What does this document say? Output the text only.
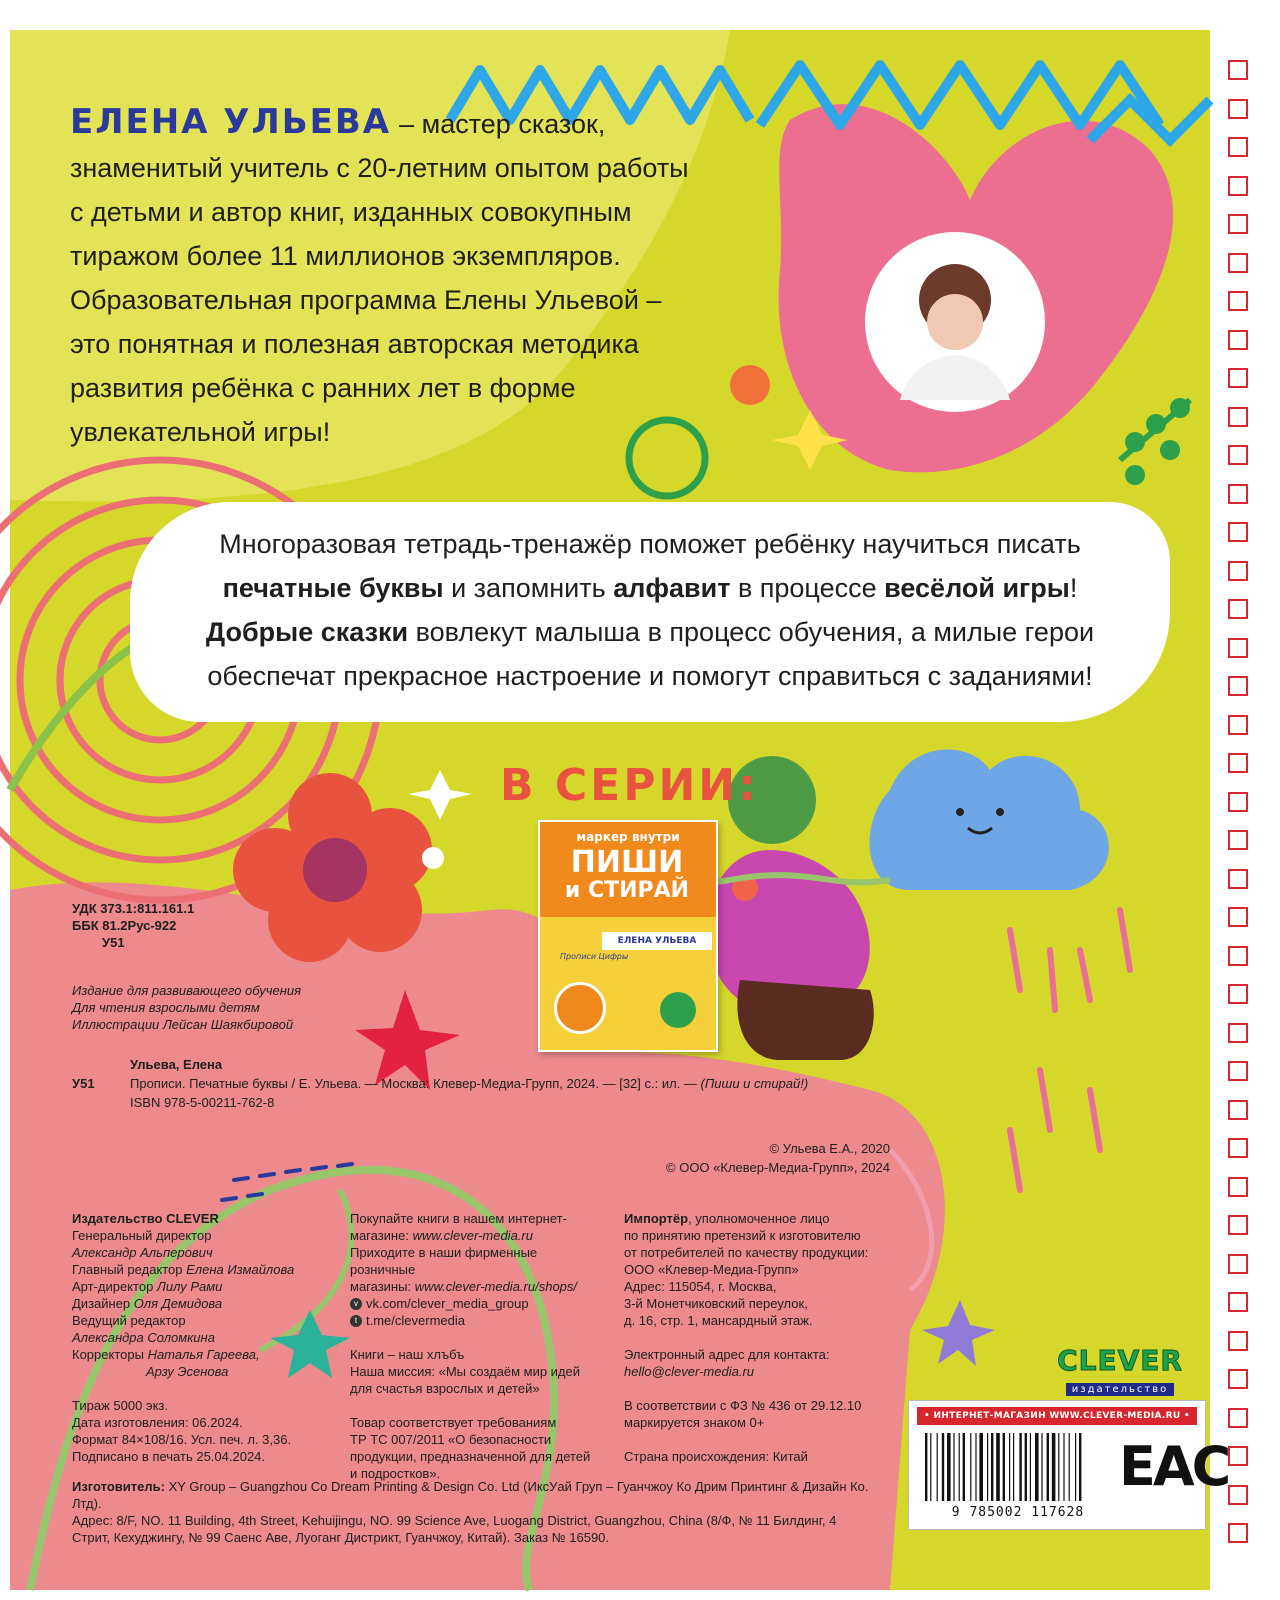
ЕЛЕНА УЛЬЕВА – мастер сказок,
знаменитый учитель с 20-летним опытом работы
с детьми и автор книг, изданных совокупным
тиражом более 11 миллионов экземпляров.
Образовательная программа Елены Ульевой –
это понятная и полезная авторская методика
развития ребёнка с ранних лет в форме
увлекательной игры!
Многоразовая тетрадь-тренажёр поможет ребёнку научиться писать
печатные буквы и запомнить алфавит в процессе весёлой игры!
Добрые сказки вовлекут малыша в процесс обучения, а милые герои
обеспечат прекрасное настроение и помогут справиться с заданиями!
В СЕРИИ:
маркер внутри
ПИШИ
и СТИРАЙ
ЕЛЕНА УЛЬЕВА
Прописи Цифры
УДК 373.1:811.161.1
ББК 81.2Рус-922
У51
Издание для развивающего обучения
Для чтения взрослыми детям
Иллюстрации Лейсан Шаякбировой
Ульева, Елена
У51	Прописи. Печатные буквы / Е. Ульева. — Москва: Клевер-Медиа-Групп, 2024. — [32] с.: ил. — (Пиши и стирай!)
ISBN 978-5-00211-762-8
© Ульева Е.А., 2020
© ООО «Клевер-Медиа-Групп», 2024
Издательство CLEVER
Генеральный директор
Александр Альперович
Главный редактор Елена Измайлова
Арт-директор Лилу Рами
Дизайнер Оля Демидова
Ведущий редактор
Александра Соломкина
Корректоры Наталья Гареева,
Арзу Эсенова
Тираж 5000 экз.
Дата изготовления: 06.2024.
Формат 84×108/16. Усл. печ. л. 3,36.
Подписано в печать 25.04.2024.
Покупайте книги в нашем интернет-
магазине: www.clever-media.ru
Приходите в наши фирменные розничные
магазины: www.clever-media.ru/shops/
v vk.com/clever_media_group
t t.me/clevermedia
Книги – наш хлъбъ
Наша миссия: «Мы создаём мир идей
для счастья взрослых и детей»
Товар соответствует требованиям
ТР ТС 007/2011 «О безопасности
продукции, предназначенной для детей
и подростков».
Импортёр, уполномоченное лицо
по принятию претензий к изготовителю
от потребителей по качеству продукции:
ООО «Клевер-Медиа-Групп»
Адрес: 115054, г. Москва,
3-й Монетчиковский переулок,
д. 16, стр. 1, мансардный этаж.
Электронный адрес для контакта:
hello@clever-media.ru
В соответствии с ФЗ № 436 от 29.12.10
маркируется знаком 0+
Страна происхождения: Китай
Изготовитель: XY Group – Guangzhou Co Dream Printing & Design Co. Ltd (ИксУай Груп – Гуанчжоу Ко Дрим Принтинг & Дизайн Ко. Лтд).
Адрес: 8/F, NO. 11 Building, 4th Street, Kehuijingu, NO. 99 Science Ave, Luogang District, Guangzhou, China (8/Ф, № 11 Билдинг, 4
Стрит, Кехуджингу, № 99 Саенс Аве, Луоганг Дистрикт, Гуанчжоу, Китай). Заказ № 16590.
CLEVER
издательство
• ИНТЕРНЕТ-МАГАЗИН WWW.CLEVER-MEDIA.RU •
9 785002 117628
EAC
